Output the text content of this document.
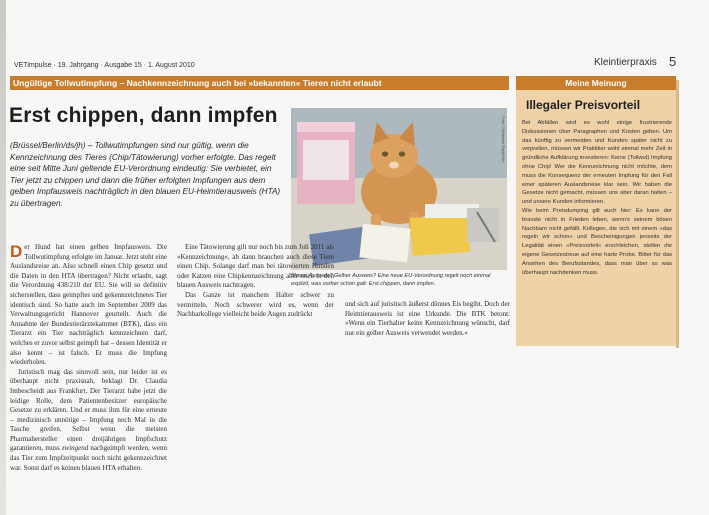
VETimpulse · 19. Jahrgang · Ausgabe 15 · 1. August 2010	Kleintierpraxis 5
Ungültige Tollwutimpfung – Nachkennzeichnung auch bei »bekannten« Tieren nicht erlaubt
Erst chippen, dann impfen
(Brüssel/Berlin/ds/jh) – Tollwutimpfungen sind nur gültig, wenn die Kennzeichnung des Tieres (Chip/Tätowierung) vorher erfolgte. Das regelt eine seit Mitte Juni geltende EU-Verordnung eindeutig: Sie verbietet, ein Tier jetzt zu chippen und dann die früher erfolgten Impfungen aus dem gelben Impfausweis nachträglich in den blauen EU-Heimtierausweis (HTA) zu übertragen.
Foto: Christiane Rapp/Vet
Blauer Ausweis? Gelber Ausweis? Eine neue EU-Verordnung regelt noch einmal explizit, was vorher schon galt: Erst chippen, dann impfen.

Der Hund hat einen gelben Impfausweis. Die Tollwutimpfung erfolgte im Januar. Jetzt steht eine Auslandsreise an. Also schnell einen Chip gesetzt und die Daten in den HTA übertragen? Nicht erlaubt, sagt die Verordnung 438/210 der EU. Sie will so definitiv sicherstellen, dass geimpftes und gekennzeichnetes Tier identisch sind. So hatte auch im September 2009 das Verwaltungsgericht Hannover geurteilt. Auch die Annahme der Bundestierärztekammer (BTK), dass ein Tierarzt ein Tier nachträglich kennzeichnen darf, welches er zuvor selbst geimpft hat – dessen Identität er also kennt – ist falsch. Er muss die Impfung wiederholen.

Juristisch mag das sinnvoll sein, nur leider ist es überhaupt nicht praxisnah, beklagt Dr. Claudia Imbescheidt aus Frankfurt. Der Tierarzt habe jetzt die leidige Rolle, dem Patientenbesitzer europäische Gesetze zu erklären. Und er muss ihm für eine erneute – medizinisch unnötige – Impfung noch Mal in die Tasche greifen. Selbst wenn die meisten Pharmahersteller einen dreijährigen Impfschutz garantieren, muss zwingend nachgeimpft werden, wenn das Tier zum Impfzeitpunkt noch nicht gekennzeichnet war. Sonst darf es keinen blauen HTA erhalten.

Eine Tätowierung gilt nur noch bis zum Juli 2011 als »Kennzeichnung«, ab dann brauchen auch diese Tiere einen Chip. Solange darf man bei tätowierten Hunden oder Katzen eine Chipkennzeichnung aber noch in den blauen Ausweis nachtragen.

Das Ganze ist manchem Halter schwer zu vermitteln. Noch schwerer wird es, wenn der Nachbarkollege vielleicht beide Augen zudrückt

und sich auf juristisch äußerst dünnes Eis begibt. Doch der Heimtierausweis ist eine Urkunde. Die BTK betont: »Wenn ein Tierhalter keine Kennzeichnung wünscht, darf nur ein gelber Ausweis verwendet werden.«

Meine Meinung
Illegaler Preisvorteil

Bei Abfällen wird es wohl einige frustrierende Diskussionen über Paragraphen und Kosten geben. Um das künftig zu vermeiden und Kunden später nicht zu verprellen, müssen wir Praktiker wohl einmal mehr Zeit in gründliche Aufklärung investieren: Keine (Tollwut) Impfung ohne Chip! Wer die Kennzeichnung nicht möchte, dem muss die Konsequenz der erneuten Impfung für den Fall einer späteren Auslandsreise klar sein. Wir haben die Gesetze nicht gemacht, müssen uns aber daran halten – und unsere Kunden informieren.

Wie beim Preisdumping gilt auch hier: Es kann der bravste nicht in Frieden leben, wenn's seinem bösen Nachbarn nicht gefällt. Kollegen, die sich mit einem »das regeln wir schon« und Bescheinigungen jenseits der Legalität einen »Preisvorteil« erschleichen, stellen die eigene Gesetzestreue auf eine harte Probe. Bitter für das Ansehen des Berufsstandes, dass man über so was überhaupt nachdenken muss.
